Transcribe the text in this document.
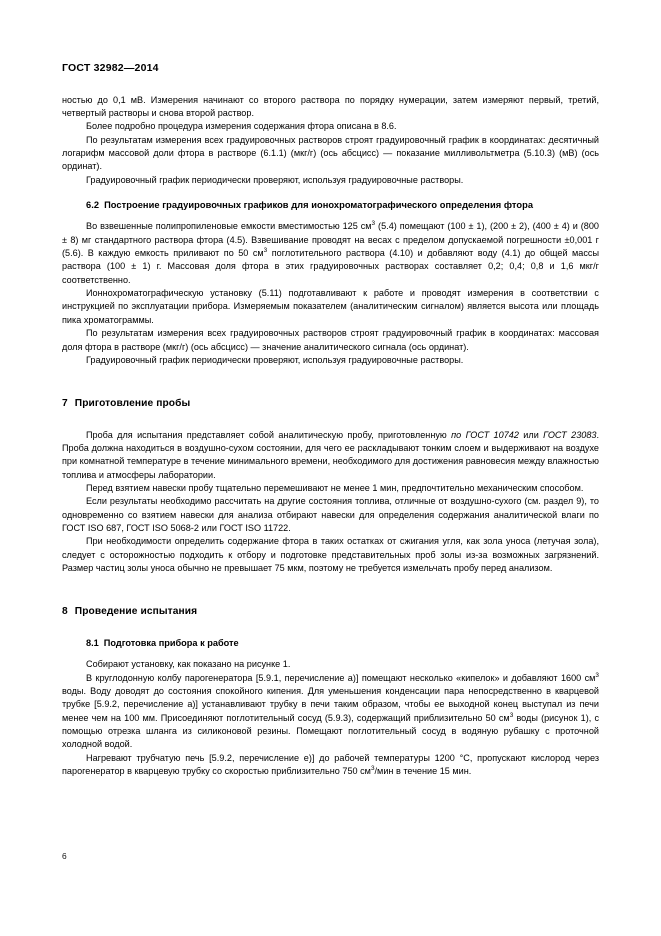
ГОСТ 32982—2014

ностью до 0,1 мВ. Измерения начинают со второго раствора по порядку нумерации, затем измеряют первый, третий, четвертый растворы и снова второй раствор.

Более подробно процедура измерения содержания фтора описана в 8.6.

По результатам измерения всех градуировочных растворов строят градуировочный график в координатах: десятичный логарифм массовой доли фтора в растворе (6.1.1) (мкг/г) (ось абсцисс) — показание милливольтметра (5.10.3) (мВ) (ось ординат).

Градуировочный график периодически проверяют, используя градуировочные растворы.

6.2 Построение градуировочных графиков для ионохроматографического определения фтора

Во взвешенные полипропиленовые емкости вместимостью 125 $см^3$ (5.4) помещают (100 ± 1), (200 ± 2), (400 ± 4) и (800 ± 8) мг стандартного раствора фтора (4.5). Взвешивание проводят на весах с пределом допускаемой погрешности ±0,001 г (5.6). В каждую емкость приливают по 50 $см^3$ поглотительного раствора (4.10) и добавляют воду (4.1) до общей массы раствора (100 ± 1) г. Массовая доля фтора в этих градуировочных растворах составляет 0,2; 0,4; 0,8 и 1,6 мкг/г соответственно.

Ионнохроматографическую установку (5.11) подготавливают к работе и проводят измерения в соответствии с инструкцией по эксплуатации прибора. Измеряемым показателем (аналитическим сигналом) является высота или площадь пика хроматограммы.

По результатам измерения всех градуировочных растворов строят градуировочный график в координатах: массовая доля фтора в растворе (мкг/г) (ось абсцисс) — значение аналитического сигнала (ось ординат).

Градуировочный график периодически проверяют, используя градуировочные растворы.

7 Приготовление пробы

Проба для испытания представляет собой аналитическую пробу, приготовленную по ГОСТ 10742 или ГОСТ 23083. Проба должна находиться в воздушно-сухом состоянии, для чего ее раскладывают тонким слоем и выдерживают на воздухе при комнатной температуре в течение минимального времени, необходимого для достижения равновесия между влажностью топлива и атмосферы лаборатории.

Перед взятием навески пробу тщательно перемешивают не менее 1 мин, предпочтительно механическим способом.

Если результаты необходимо рассчитать на другие состояния топлива, отличные от воздушно-сухого (см. раздел 9), то одновременно со взятием навески для анализа отбирают навески для определения содержания аналитической влаги по ГОСТ ISO 687, ГОСТ ISO 5068-2 или ГОСТ ISO 11722.

При необходимости определить содержание фтора в таких остатках от сжигания угля, как зола уноса (летучая зола), следует с осторожностью подходить к отбору и подготовке представительных проб золы из-за возможных загрязнений. Размер частиц золы уноса обычно не превышает 75 мкм, поэтому не требуется измельчать пробу перед анализом.

8 Проведение испытания
8.1 Подготовка прибора к работе

Собирают установку, как показано на рисунке 1.

В круглодонную колбу парогенератора [5.9.1, перечисление а)] помещают несколько «кипелок» и добавляют 1600 $см^3$ воды. Воду доводят до состояния спокойного кипения. Для уменьшения конденсации пара непосредственно в кварцевой трубке [5.9.2, перечисление а)] устанавливают трубку в печи таким образом, чтобы ее выходной конец выступал из печи менее чем на 100 мм. Присоединяют поглотительный сосуд (5.9.3), содержащий приблизительно 50 $см^3$ воды (рисунок 1), с помощью отрезка шланга из силиконовой резины. Помещают поглотительный сосуд в водяную рубашку с проточной холодной водой.

Нагревают трубчатую печь [5.9.2, перечисление е)] до рабочей температуры 1200 °С, пропускают кислород через парогенератор в кварцевую трубку со скоростью приблизительно 750 $см^3$/мин в течение 15 мин.

6
